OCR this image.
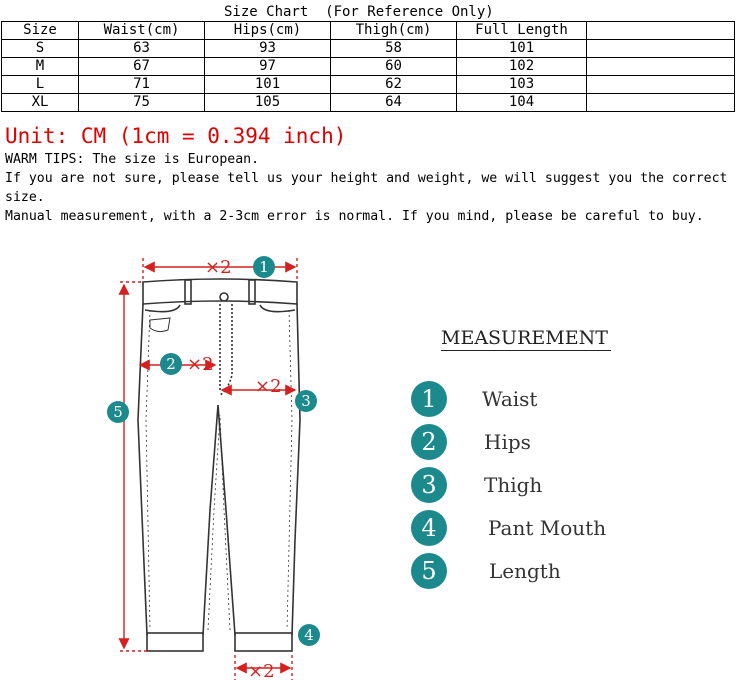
Size Chart  (For Reference Only)
Size	Waist(cm)	Hips(cm)	Thigh(cm)	Full Length	
S	63	93	58	101	
M	67	97	60	102	
L	71	101	62	103	
XL	75	105	64	104	
Unit: CM (1cm = 0.394 inch)
WARM TIPS: The size is European.
If you are not sure, please tell us your height and weight, we will suggest you the correct size.
Manual measurement, with a 2-3cm error is normal. If you mind, please be careful to buy.
×2
×2
×2
×2
1
2
3
4
5
MEASUREMENT
1	Waist
2	Hips
3	Thigh
4	Pant Mouth
5	Length
